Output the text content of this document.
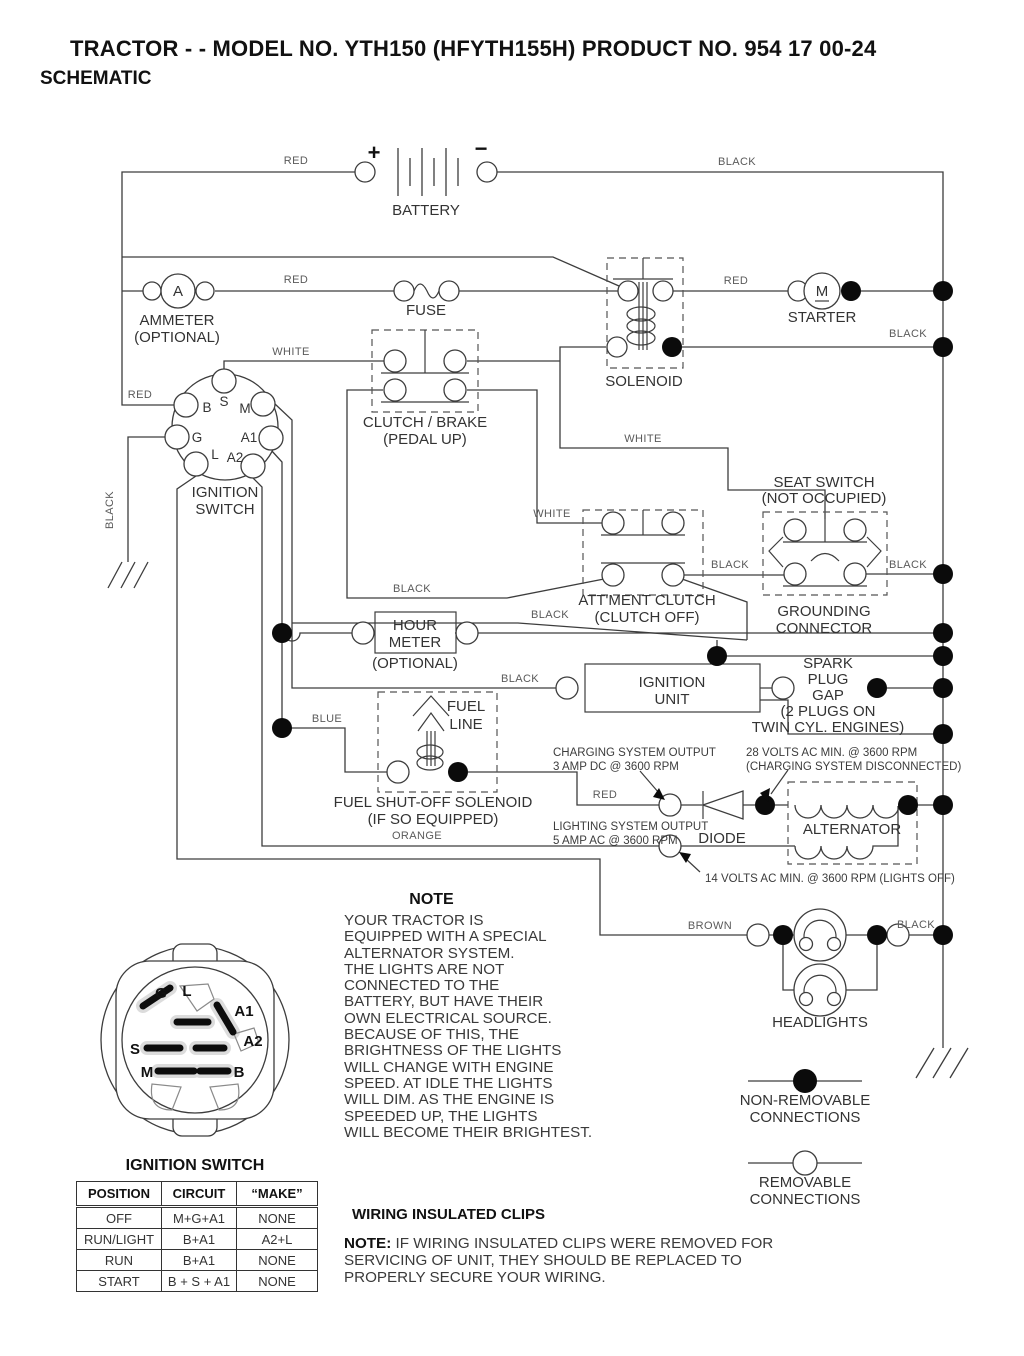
TRACTOR - - MODEL NO. YTH150 (HFYTH155H) PRODUCT NO. 954 17 00-24
SCHEMATIC
+	−
A	M
S
B M
G	A1
L A2
RED	BLACK
RED	RED
BLACK
WHITE
RED
BLACK
WHITE
WHITE
BLACK	BLACK
BLACK
BLACK
BLACK
BLUE
ORANGE
RED
BROWN	BLACK
BATTERY
AMMETER
(OPTIONAL)
FUSE
SOLENOID
STARTER
IGNITION
SWITCH
CLUTCH / BRAKE
(PEDAL UP)
SEAT SWITCH
(NOT OCCUPIED)
ATT'MENT CLUTCH
(CLUTCH OFF)	GROUNDING
CONNECTOR
HOUR
METER
(OPTIONAL)
IGNITION
UNIT
SPARK
PLUG
GAP
(2 PLUGS ON
TWIN CYL. ENGINES)
FUEL
LINE
FUEL SHUT-OFF SOLENOID
(IF SO EQUIPPED)
DIODE
ALTERNATOR
HEADLIGHTS
NON-REMOVABLE
CONNECTIONS
REMOVABLE
CONNECTIONS
CHARGING SYSTEM OUTPUT
3 AMP DC @ 3600 RPM
28 VOLTS AC MIN. @ 3600 RPM
(CHARGING SYSTEM DISCONNECTED)
LIGHTING SYSTEM OUTPUT
5 AMP AC @ 3600 RPM
14 VOLTS AC MIN. @ 3600 RPM (LIGHTS OFF)
G L
A1
A2
S
M	B
IGNITION SWITCH
NOTE
YOUR TRACTOR IS
EQUIPPED WITH A SPECIAL
ALTERNATOR SYSTEM.
THE LIGHTS ARE NOT
CONNECTED TO THE
BATTERY, BUT HAVE THEIR
OWN ELECTRICAL SOURCE.
BECAUSE OF THIS, THE
BRIGHTNESS OF THE LIGHTS
WILL CHANGE WITH ENGINE
SPEED. AT IDLE THE LIGHTS
WILL DIM. AS THE ENGINE IS
SPEEDED UP, THE LIGHTS
WILL BECOME THEIR BRIGHTEST.
POSITION	CIRCUIT	“MAKE”
OFF	M+G+A1	NONE
RUN/LIGHT	B+A1	A2+L
RUN	B+A1	NONE
START	B + S + A1	NONE
WIRING INSULATED CLIPS
NOTE: IF WIRING INSULATED CLIPS WERE REMOVED FOR
SERVICING OF UNIT, THEY SHOULD BE REPLACED TO
PROPERLY SECURE YOUR WIRING.
